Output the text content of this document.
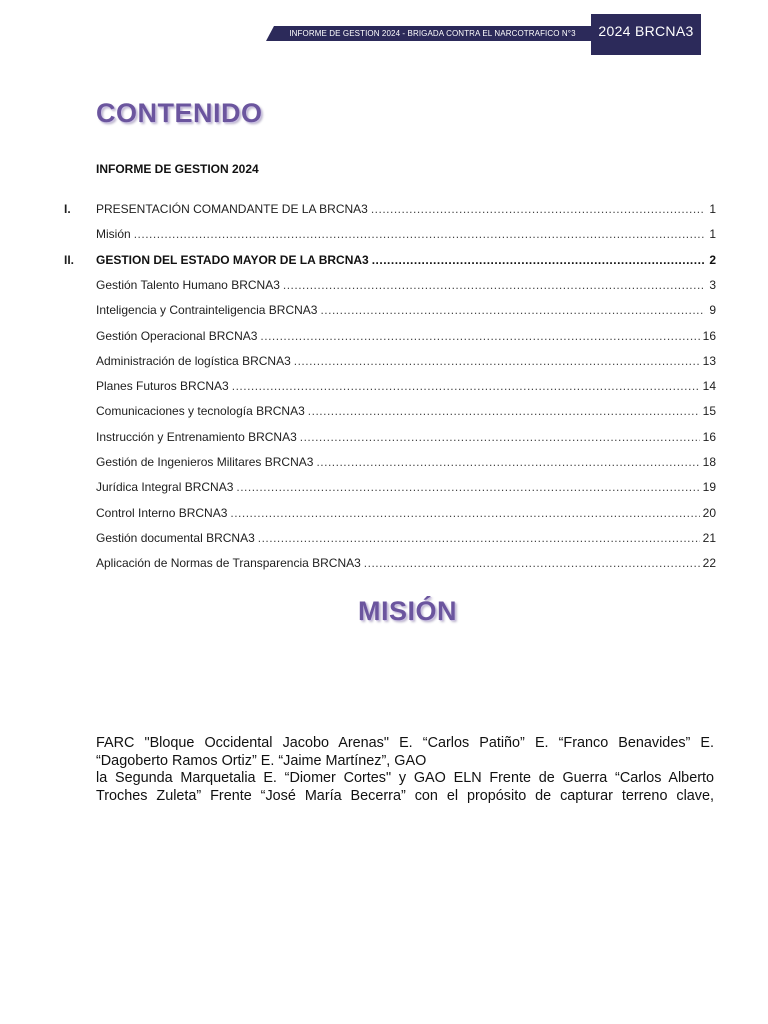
INFORME DE GESTION 2024 - BRIGADA CONTRA EL NARCOTRAFICO N°3	2024 BRCNA3
CONTENIDO
INFORME DE GESTION 2024
I.	PRESENTACIÓN COMANDANTE DE LA BRCNA3 .....	1
Misión .....	1
II.	GESTION DEL ESTADO MAYOR DE LA BRCNA3 .....	2
Gestión Talento Humano BRCNA3 .....	3
Inteligencia y Contrainteligencia BRCNA3 .....	9
Gestión Operacional BRCNA3 .....	16
Administración de logística BRCNA3 .....	13
Planes Futuros BRCNA3 .....	14
Comunicaciones y tecnología BRCNA3 .....	15
Instrucción y Entrenamiento BRCNA3 .....	16
Gestión de Ingenieros Militares BRCNA3 .....	18
Jurídica Integral BRCNA3 .....	19
Control Interno BRCNA3 .....	20
Gestión documental BRCNA3 .....	21
Aplicación de Normas de Transparencia BRCNA3 .....	22
MISIÓN

FARC "Bloque Occidental Jacobo Arenas" E. “Carlos Patiño” E. “Franco Benavides” E. “Dagoberto Ramos Ortiz” E. “Jaime Martínez”, GAO

la Segunda Marquetalia E. “Diomer Cortes" y GAO ELN Frente de Guerra “Carlos Alberto Troches Zuleta” Frente “José María Becerra” con el propósito de capturar terreno clave,
